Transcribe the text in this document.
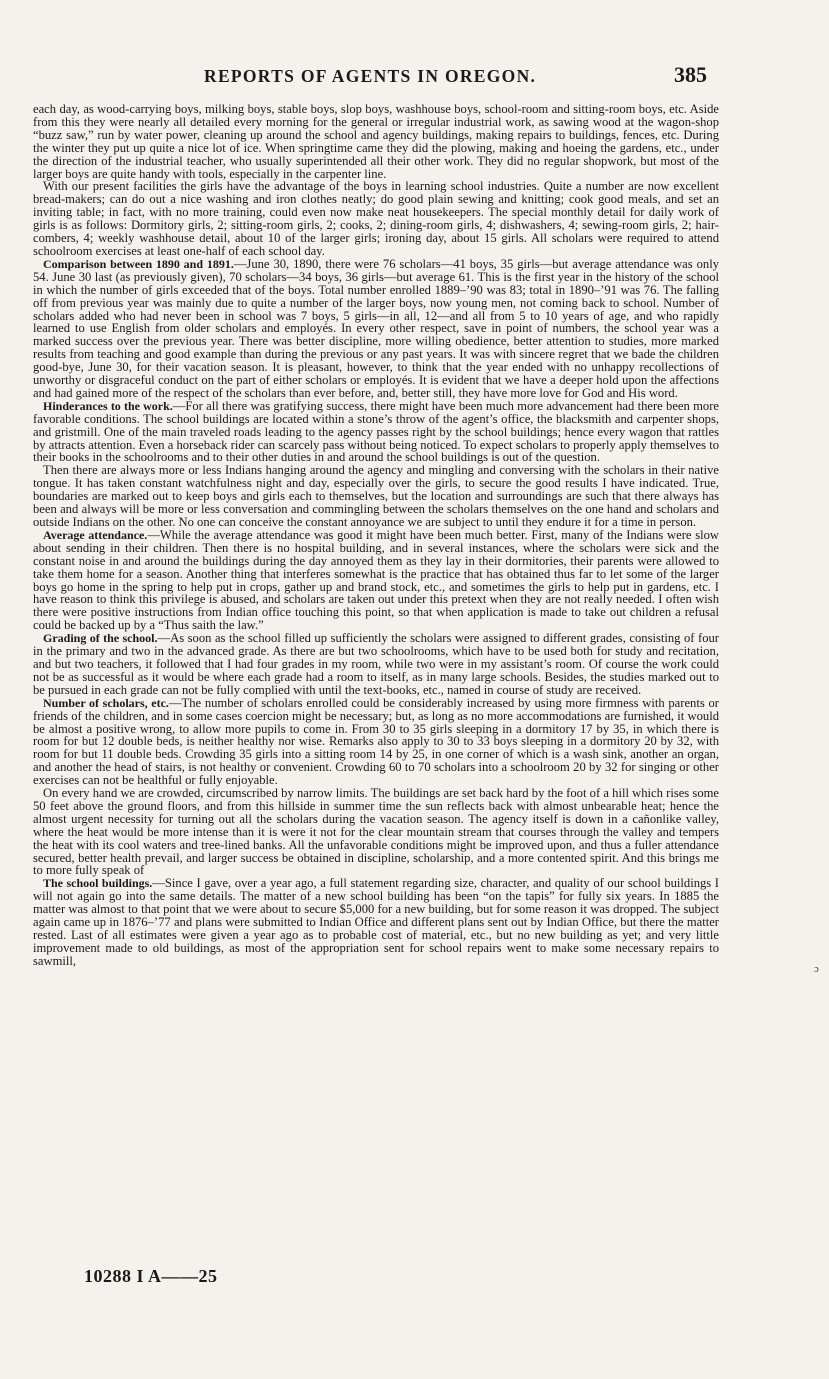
REPORTS OF AGENTS IN OREGON.	385

each day, as wood-carrying boys, milking boys, stable boys, slop boys, washhouse boys, school-room and sitting-room boys, etc. Aside from this they were nearly all detailed every morning for the general or irregular industrial work, as sawing wood at the wagon-shop “buzz saw,” run by water power, cleaning up around the school and agency buildings, making repairs to buildings, fences, etc. During the winter they put up quite a nice lot of ice. When springtime came they did the plowing, making and hoeing the gardens, etc., under the direction of the industrial teacher, who usually superintended all their other work. They did no regular shopwork, but most of the larger boys are quite handy with tools, especially in the carpenter line.

With our present facilities the girls have the advantage of the boys in learning school industries. Quite a number are now excellent bread-makers; can do out a nice washing and iron clothes neatly; do good plain sewing and knitting; cook good meals, and set an inviting table; in fact, with no more training, could even now make neat housekeepers. The special monthly detail for daily work of girls is as follows: Dormitory girls, 2; sitting-room girls, 2; cooks, 2; dining-room girls, 4; dishwashers, 4; sewing-room girls, 2; hair-combers, 4; weekly washhouse detail, about 10 of the larger girls; ironing day, about 15 girls. All scholars were required to attend schoolroom exercises at least one-half of each school day.

Comparison between 1890 and 1891.—June 30, 1890, there were 76 scholars—41 boys, 35 girls—but average attendance was only 54. June 30 last (as previously given), 70 scholars—34 boys, 36 girls—but average 61. This is the first year in the history of the school in which the number of girls exceeded that of the boys. Total number enrolled 1889–’90 was 83; total in 1890–’91 was 76. The falling off from previous year was mainly due to quite a number of the larger boys, now young men, not coming back to school. Number of scholars added who had never been in school was 7 boys, 5 girls—in all, 12—and all from 5 to 10 years of age, and who rapidly learned to use English from older scholars and employés. In every other respect, save in point of numbers, the school year was a marked success over the previous year. There was better discipline, more willing obedience, better attention to studies, more marked results from teaching and good example than during the previous or any past years. It was with sincere regret that we bade the children good-bye, June 30, for their vacation season. It is pleasant, however, to think that the year ended with no unhappy recollections of unworthy or disgraceful conduct on the part of either scholars or employés. It is evident that we have a deeper hold upon the affections and had gained more of the respect of the scholars than ever before, and, better still, they have more love for God and His word.

Hinderances to the work.—For all there was gratifying success, there might have been much more advancement had there been more favorable conditions. The school buildings are located within a stone’s throw of the agent’s office, the blacksmith and carpenter shops, and gristmill. One of the main traveled roads leading to the agency passes right by the school buildings; hence every wagon that rattles by attracts attention. Even a horseback rider can scarcely pass without being noticed. To expect scholars to properly apply themselves to their books in the schoolrooms and to their other duties in and around the school buildings is out of the question.

Then there are always more or less Indians hanging around the agency and mingling and conversing with the scholars in their native tongue. It has taken constant watchfulness night and day, especially over the girls, to secure the good results I have indicated. True, boundaries are marked out to keep boys and girls each to themselves, but the location and surroundings are such that there always has been and always will be more or less conversation and commingling between the scholars themselves on the one hand and scholars and outside Indians on the other. No one can conceive the constant annoyance we are subject to until they endure it for a time in person.

Average attendance.—While the average attendance was good it might have been much better. First, many of the Indians were slow about sending in their children. Then there is no hospital building, and in several instances, where the scholars were sick and the constant noise in and around the buildings during the day annoyed them as they lay in their dormitories, their parents were allowed to take them home for a season. Another thing that interferes somewhat is the practice that has obtained thus far to let some of the larger boys go home in the spring to help put in crops, gather up and brand stock, etc., and sometimes the girls to help put in gardens, etc. I have reason to think this privilege is abused, and scholars are taken out under this pretext when they are not really needed. I often wish there were positive instructions from Indian office touching this point, so that when application is made to take out children a refusal could be backed up by a “Thus saith the law.”

Grading of the school.—As soon as the school filled up sufficiently the scholars were assigned to different grades, consisting of four in the primary and two in the advanced grade. As there are but two schoolrooms, which have to be used both for study and recitation, and but two teachers, it followed that I had four grades in my room, while two were in my assistant’s room. Of course the work could not be as successful as it would be where each grade had a room to itself, as in many large schools. Besides, the studies marked out to be pursued in each grade can not be fully complied with until the text-books, etc., named in course of study are received.

Number of scholars, etc.—The number of scholars enrolled could be considerably increased by using more firmness with parents or friends of the children, and in some cases coercion might be necessary; but, as long as no more accommodations are furnished, it would be almost a positive wrong, to allow more pupils to come in. From 30 to 35 girls sleeping in a dormitory 17 by 35, in which there is room for but 12 double beds, is neither healthy nor wise. Remarks also apply to 30 to 33 boys sleeping in a dormitory 20 by 32, with room for but 11 double beds. Crowding 35 girls into a sitting room 14 by 25, in one corner of which is a wash sink, another an organ, and another the head of stairs, is not healthy or convenient. Crowding 60 to 70 scholars into a schoolroom 20 by 32 for singing or other exercises can not be healthful or fully enjoyable.

On every hand we are crowded, circumscribed by narrow limits. The buildings are set back hard by the foot of a hill which rises some 50 feet above the ground floors, and from this hillside in summer time the sun reflects back with almost unbearable heat; hence the almost urgent necessity for turning out all the scholars during the vacation season. The agency itself is down in a cañonlike valley, where the heat would be more intense than it is were it not for the clear mountain stream that courses through the valley and tempers the heat with its cool waters and tree-lined banks. All the unfavorable conditions might be improved upon, and thus a fuller attendance secured, better health prevail, and larger success be obtained in discipline, scholarship, and a more contented spirit. And this brings me to more fully speak of

The school buildings.—Since I gave, over a year ago, a full statement regarding size, character, and quality of our school buildings I will not again go into the same details. The matter of a new school building has been “on the tapis” for fully six years. In 1885 the matter was almost to that point that we were about to secure $5,000 for a new building, but for some reason it was dropped. The subject again came up in 1876–’77 and plans were submitted to Indian Office and different plans sent out by Indian Office, but there the matter rested. Last of all estimates were given a year ago as to probable cost of material, etc., but no new building as yet; and very little improvement made to old buildings, as most of the appropriation sent for school repairs went to make some necessary repairs to sawmill,

10288 I A——25
ɔ
